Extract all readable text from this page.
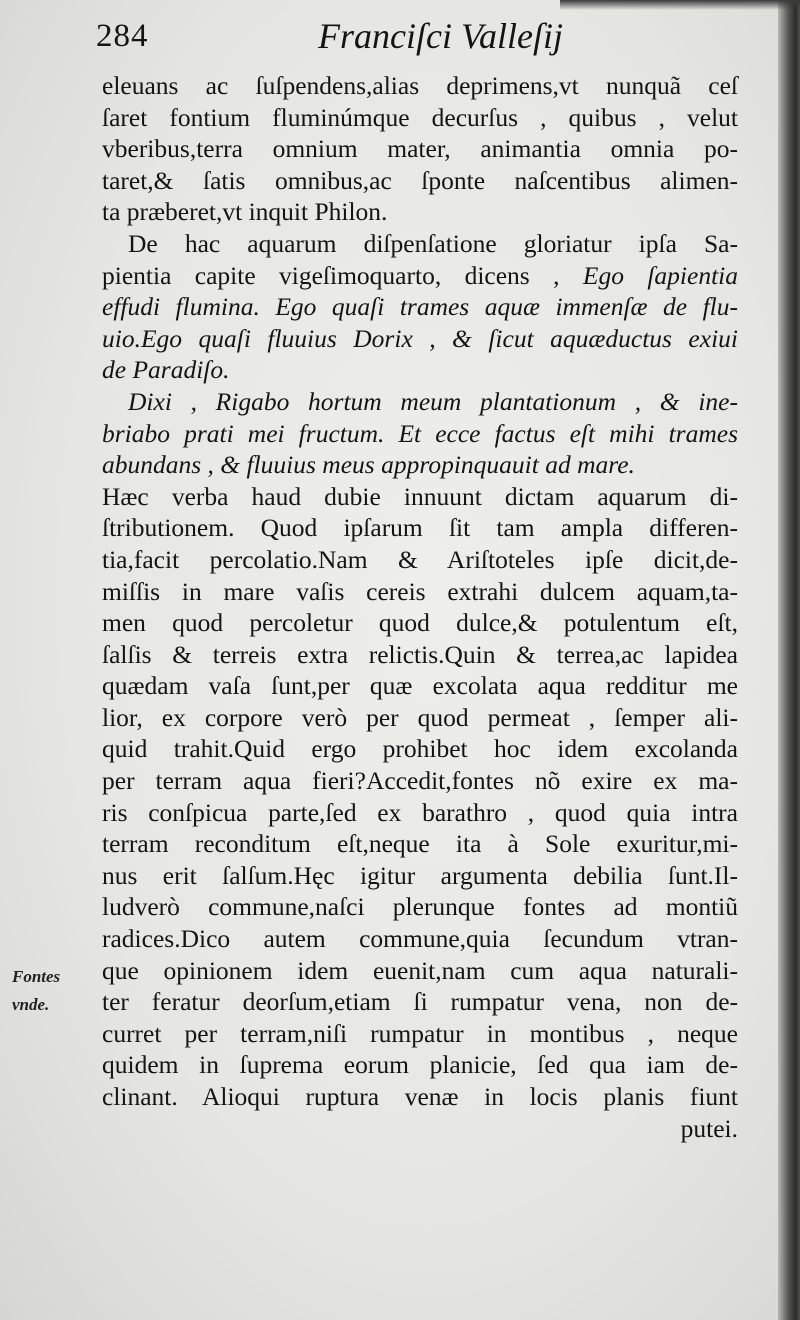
284	Franciſci Valleſij
Fontes
vnde.
eleuans ac ſuſpendens,alias deprimens,vt nunquã ceſ
ſaret fontium fluminúmque decurſus , quibus , velut
vberibus,terra omnium mater, animantia omnia po-
taret,& ſatis omnibus,ac ſponte naſcentibus alimen-
ta præberet,vt inquit Philon.
De hac aquarum diſpenſatione gloriatur ipſa Sa-
pientia capite vigeſimoquarto, dicens , Ego ſapientia
effudi flumina. Ego quaſi trames aquæ immenſæ de flu-
uio.Ego quaſi fluuius Dorix , & ſicut aquæductus exiui
de Paradiſo.
Dixi , Rigabo hortum meum plantationum , & ine-
briabo prati mei fructum. Et ecce factus eſt mihi trames
abundans , & fluuius meus appropinquauit ad mare.
Hæc verba haud dubie innuunt dictam aquarum di-
ſtributionem. Quod ipſarum ſit tam ampla differen-
tia,facit percolatio.Nam & Ariſtoteles ipſe dicit,de-
miſſis in mare vaſis cereis extrahi dulcem aquam,ta-
men quod percoletur quod dulce,& potulentum eſt,
ſalſis & terreis extra relictis.Quin & terrea,ac lapidea
quædam vaſa ſunt,per quæ excolata aqua redditur me
lior, ex corpore verò per quod permeat , ſemper ali-
quid trahit.Quid ergo prohibet hoc idem excolanda
per terram aqua fieri?Accedit,fontes nõ exire ex ma-
ris conſpicua parte,ſed ex barathro , quod quia intra
terram reconditum eſt,neque ita à Sole exuritur,mi-
nus erit ſalſum.Hęc igitur argumenta debilia ſunt.Il-
ludverò commune,naſci plerunque fontes ad montiũ
radices.Dico autem commune,quia ſecundum vtran-
que opinionem idem euenit,nam cum aqua naturali-
ter feratur deorſum,etiam ſi rumpatur vena, non de-
curret per terram,niſi rumpatur in montibus , neque
quidem in ſuprema eorum planicie, ſed qua iam de-
clinant. Alioqui ruptura venæ in locis planis fiunt
putei.
